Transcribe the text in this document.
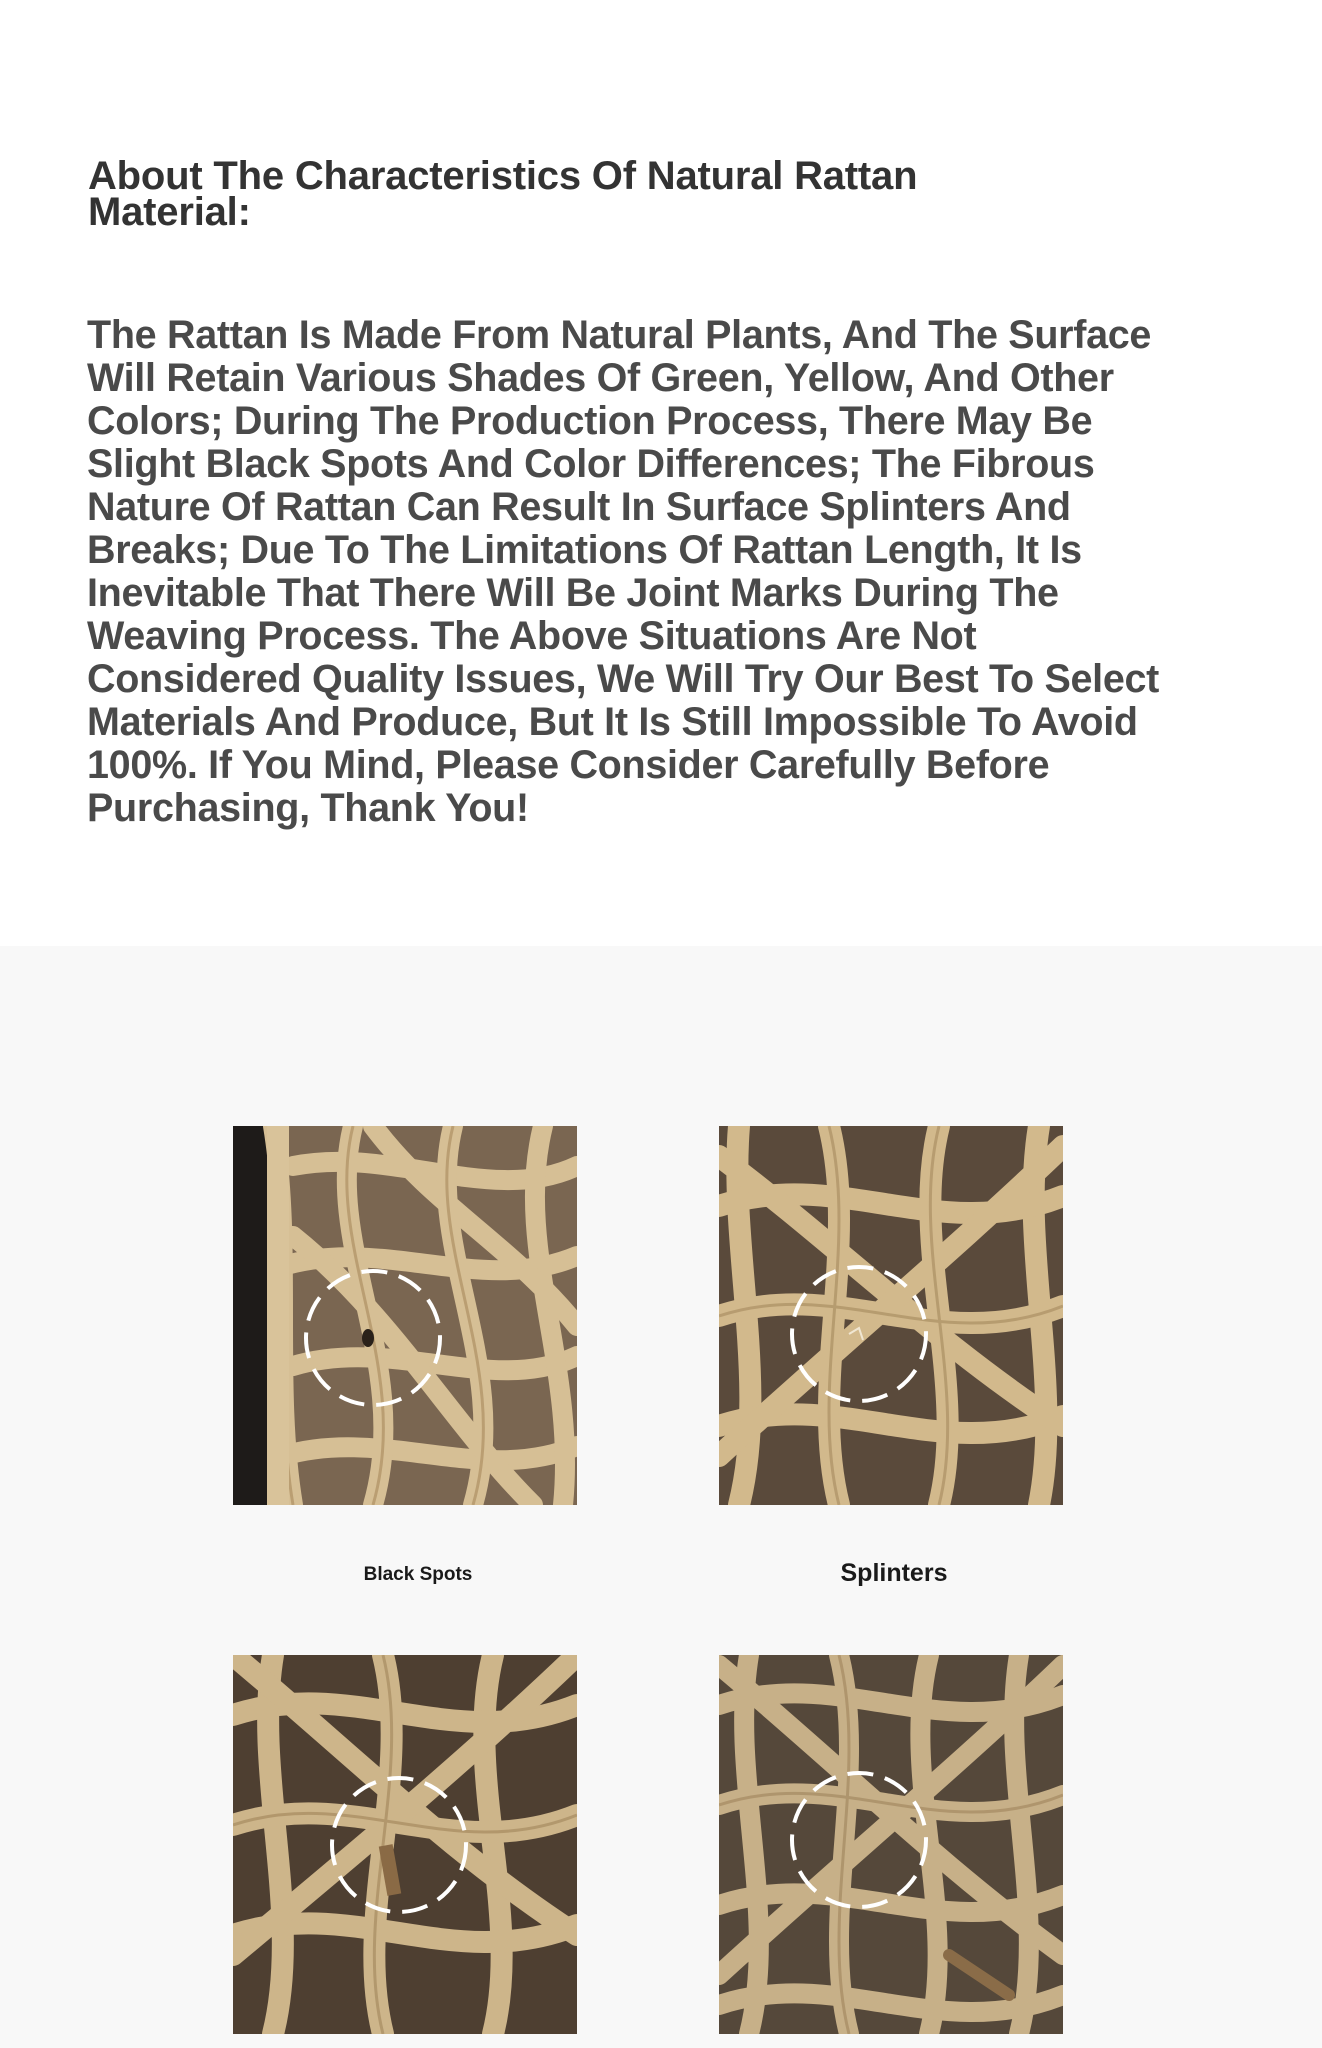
About The Characteristics Of Natural Rattan Material:

The Rattan Is Made From Natural Plants, And The Surface Will Retain Various Shades Of Green, Yellow, And Other Colors; During The Production Process, There May Be Slight Black Spots And Color Differences; The Fibrous Nature Of Rattan Can Result In Surface Splinters And Breaks; Due To The Limitations Of Rattan Length, It Is Inevitable That There Will Be Joint Marks During The Weaving Process. The Above Situations Are Not Considered Quality Issues, We Will Try Our Best To Select Materials And Produce, But It Is Still Impossible To Avoid 100%. If You Mind, Please Consider Carefully Before Purchasing, Thank You!

Black Spots	Splinters
